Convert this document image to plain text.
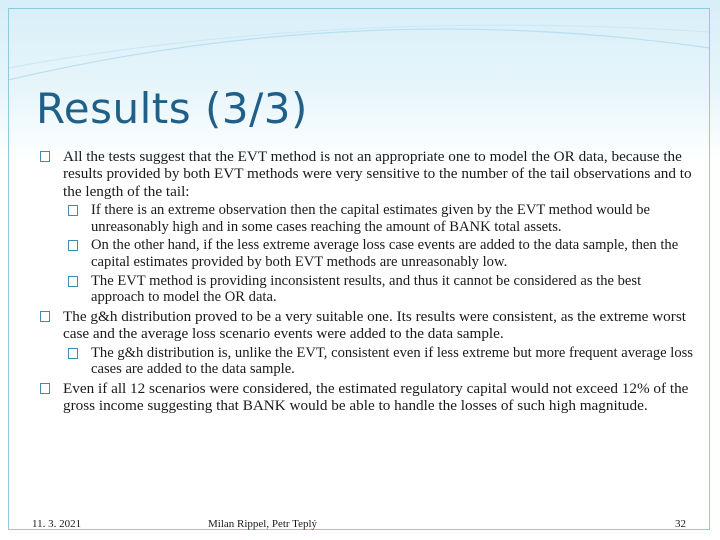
Results (3/3)
All the tests suggest that the EVT method is not an appropriate one to model the OR data, because the results provided by both EVT methods were very sensitive to the number of the tail observations and to the length of the tail:
If there is an extreme observation then the capital estimates given by the EVT method would be unreasonably high and in some cases reaching the amount of BANK total assets.
On the other hand, if the less extreme average loss case events are added to the data sample, then the capital estimates provided by both EVT methods are unreasonably low.
The EVT method is providing inconsistent results, and thus it cannot be considered as the best approach to model the OR data.
The g&h distribution proved to be a very suitable one. Its results were consistent, as the extreme worst case and the average loss scenario events were added to the data sample.
The g&h distribution is, unlike the EVT, consistent even if less extreme but more frequent average loss cases are added to the data sample.
Even if all 12 scenarios were considered, the estimated regulatory capital would not exceed 12% of the gross income suggesting that BANK would be able to handle the losses of such high magnitude.
11. 3. 2021	Milan Rippel, Petr Teplý	32
